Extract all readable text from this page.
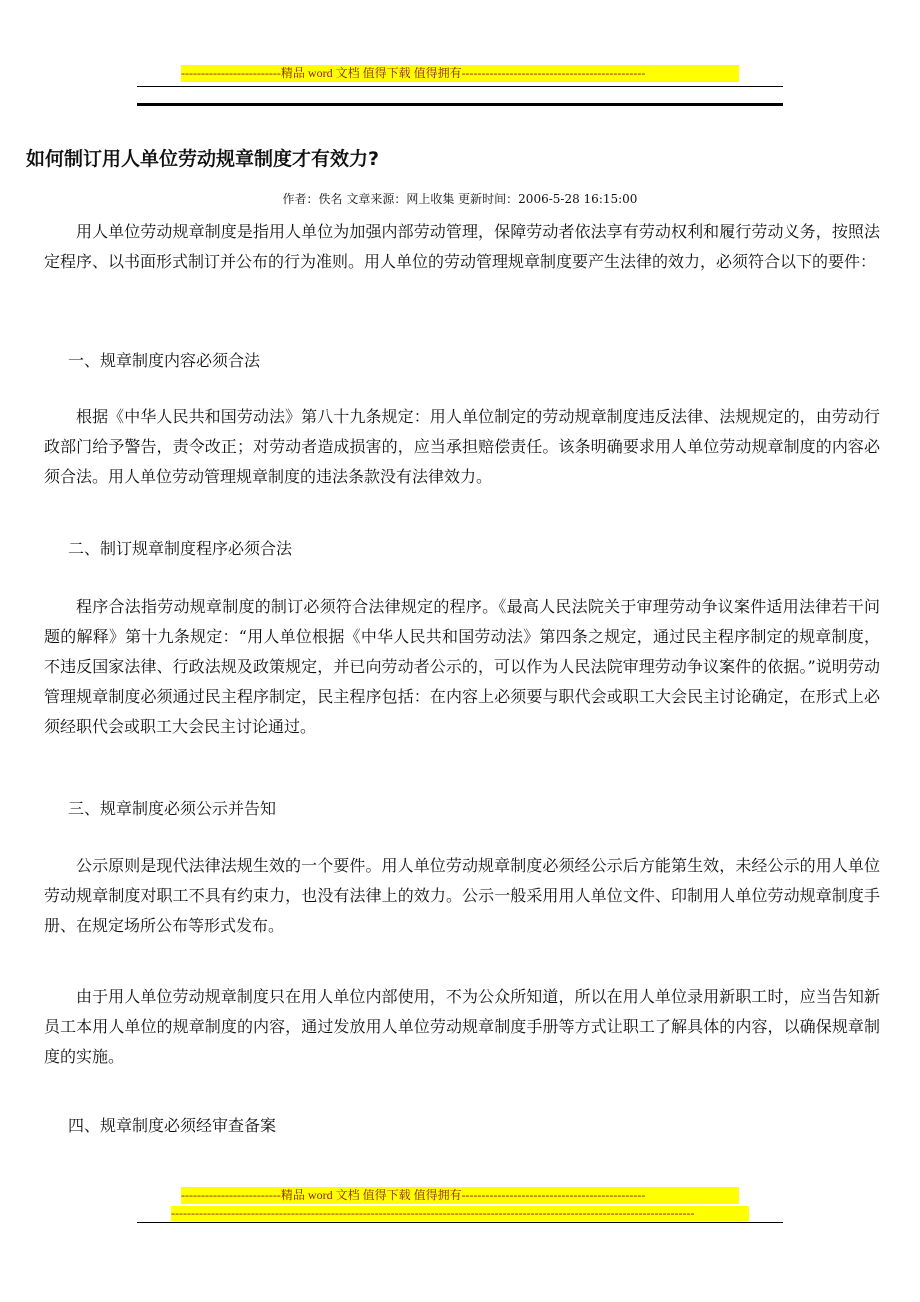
-------------------------精品 word 文档 值得下载 值得拥有----------------------------------------------
如何制订用人单位劳动规章制度才有效力?
作者：佚名 文章来源：网上收集 更新时间：2006-5-28 16:15:00

用人单位劳动规章制度是指用人单位为加强内部劳动管理，保障劳动者依法享有劳动权利和履行劳动义务，按照法定程序、以书面形式制订并公布的行为准则。用人单位的劳动管理规章制度要产生法律的效力，必须符合以下的要件：

一、规章制度内容必须合法

根据《中华人民共和国劳动法》第八十九条规定：用人单位制定的劳动规章制度违反法律、法规规定的，由劳动行政部门给予警告，责令改正；对劳动者造成损害的，应当承担赔偿责任。该条明确要求用人单位劳动规章制度的内容必须合法。用人单位劳动管理规章制度的违法条款没有法律效力。

二、制订规章制度程序必须合法

程序合法指劳动规章制度的制订必须符合法律规定的程序。《最高人民法院关于审理劳动争议案件适用法律若干问题的解释》第十九条规定：“用人单位根据《中华人民共和国劳动法》第四条之规定，通过民主程序制定的规章制度，不违反国家法律、行政法规及政策规定，并已向劳动者公示的，可以作为人民法院审理劳动争议案件的依据。”说明劳动管理规章制度必须通过民主程序制定，民主程序包括：在内容上必须要与职代会或职工大会民主讨论确定，在形式上必须经职代会或职工大会民主讨论通过。

三、规章制度必须公示并告知

公示原则是现代法律法规生效的一个要件。用人单位劳动规章制度必须经公示后方能第生效，未经公示的用人单位劳动规章制度对职工不具有约束力，也没有法律上的效力。公示一般采用用人单位文件、印制用人单位劳动规章制度手册、在规定场所公布等形式发布。

由于用人单位劳动规章制度只在用人单位内部使用，不为公众所知道，所以在用人单位录用新职工时，应当告知新员工本用人单位的规章制度的内容，通过发放用人单位劳动规章制度手册等方式让职工了解具体的内容，以确保规章制度的实施。

四、规章制度必须经审查备案
-------------------------精品 word 文档 值得下载 值得拥有----------------------------------------------
-----------------------------------------------------------------------------------------------------------------------------------
